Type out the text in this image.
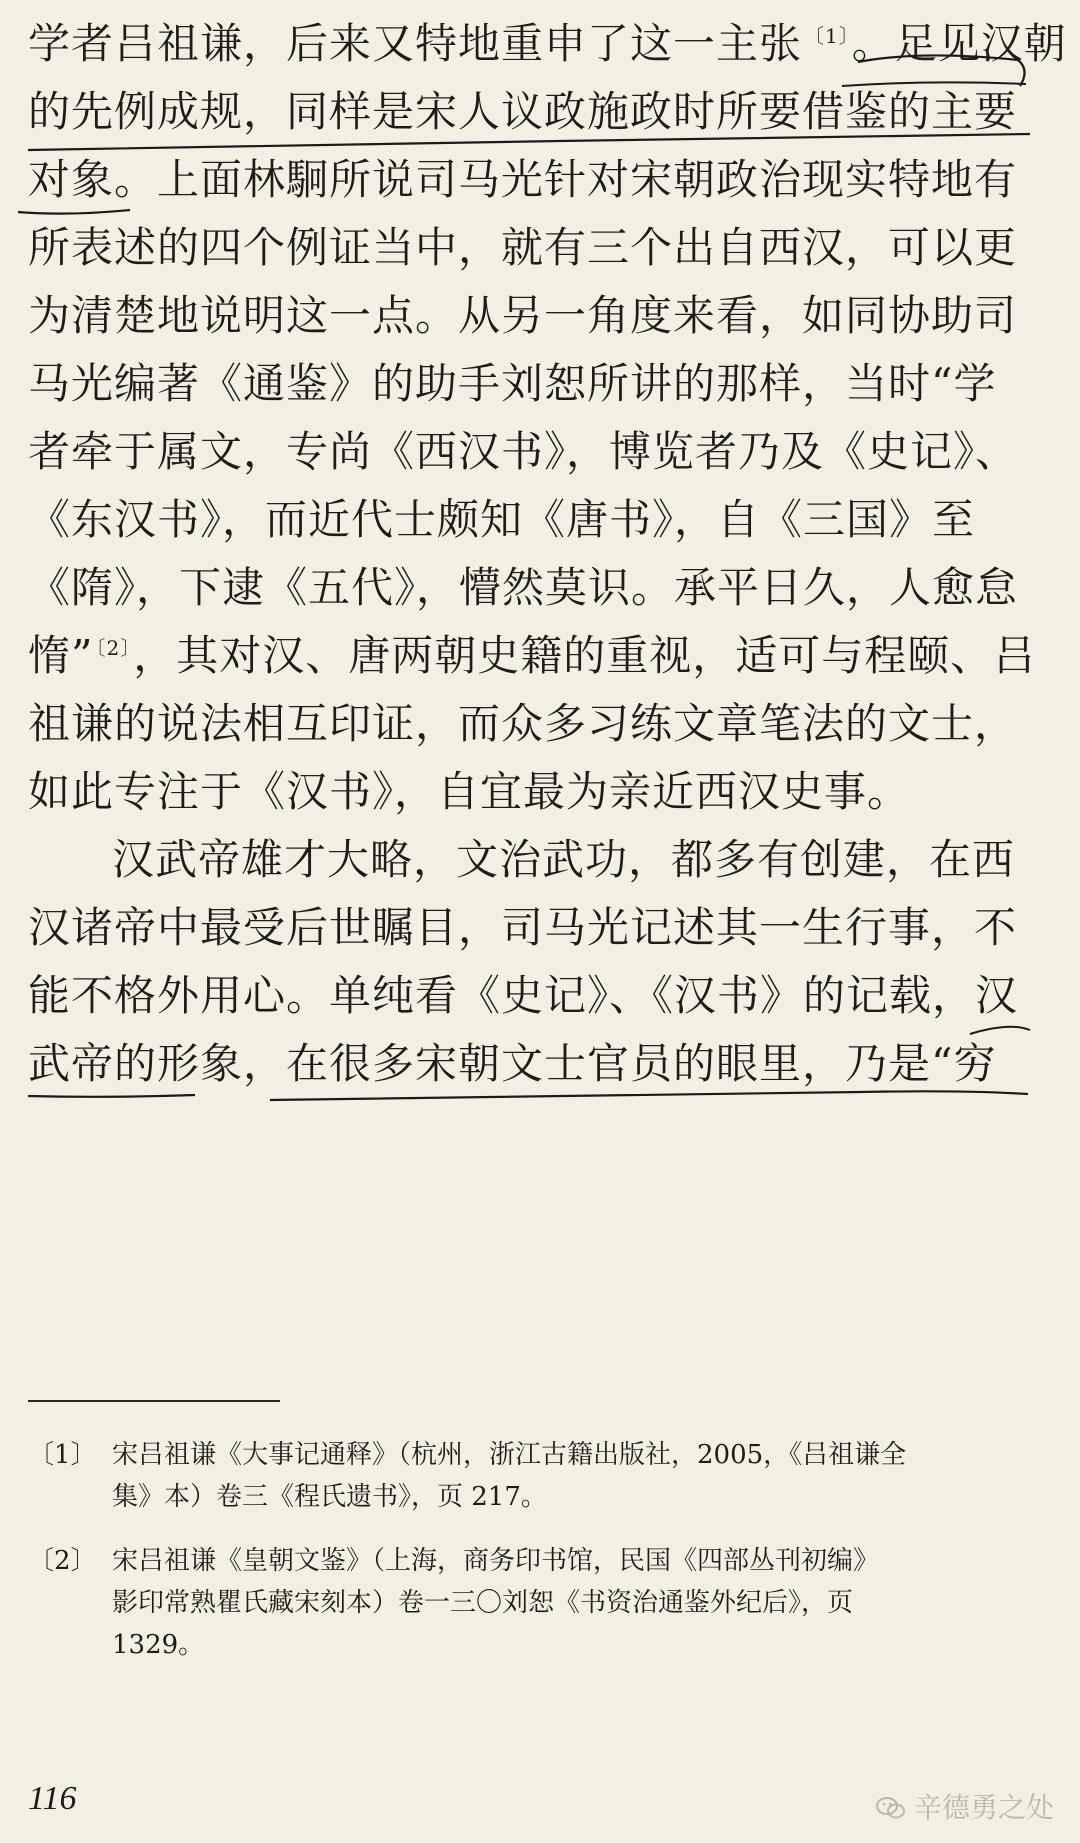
学者吕祖谦，后来又特地重申了这一主张 $^{〔1〕}$。足见汉朝
的先例成规，同样是宋人议政施政时所要借鉴的主要
对象。上面林駉所说司马光针对宋朝政治现实特地有
所表述的四个例证当中，就有三个出自西汉，可以更
为清楚地说明这一点。从另一角度来看，如同协助司
马光编著《通鉴》的助手刘恕所讲的那样，当时“学
者牵于属文，专尚《西汉书》，博览者乃及《史记》、
《东汉书》，而近代士颇知《唐书》，自《三国》至
《隋》，下逮《五代》，懵然莫识。承平日久，人愈怠
惰” $^{〔2〕}$，其对汉、唐两朝史籍的重视，适可与程颐、吕
祖谦的说法相互印证，而众多习练文章笔法的文士，
如此专注于《汉书》，自宜最为亲近西汉史事。
汉武帝雄才大略，文治武功，都多有创建，在西
汉诸帝中最受后世瞩目，司马光记述其一生行事，不
能不格外用心。单纯看《史记》、《汉书》的记载，汉
武帝的形象，在很多宋朝文士官员的眼里，乃是“穷
〔1〕 宋吕祖谦《大事记通释》（杭州，浙江古籍出版社，2005，《吕祖谦全
集》本）卷三《程氏遗书》，页 217。
〔2〕 宋吕祖谦《皇朝文鉴》（上海，商务印书馆，民国《四部丛刊初编》
影印常熟瞿氏藏宋刻本）卷一三〇刘恕《书资治通鉴外纪后》，页
1329。
116	辛德勇之处
